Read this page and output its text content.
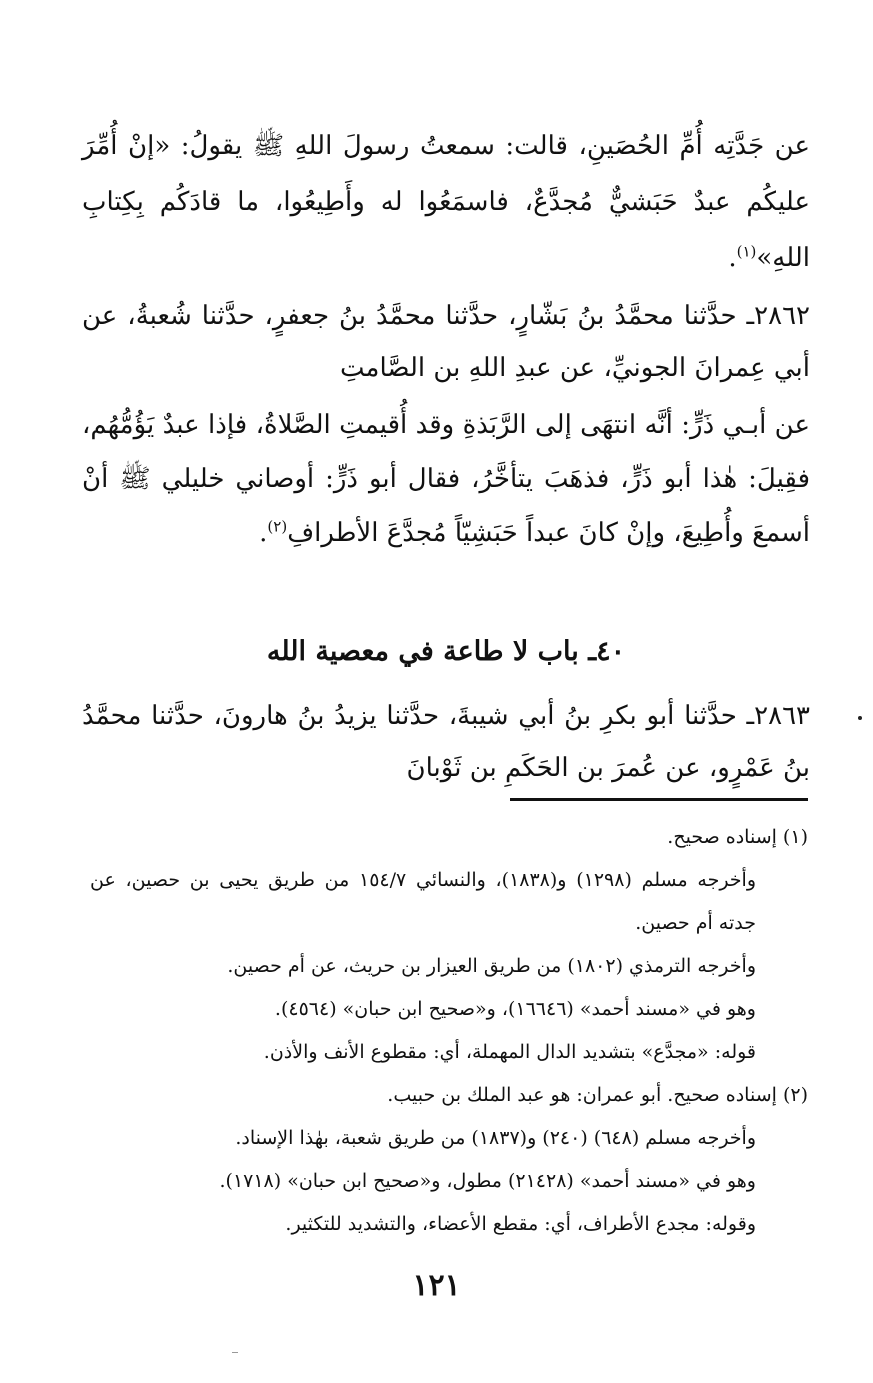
عن جَدَّتِه أُمِّ الحُصَينِ، قالت: سمعتُ رسولَ اللهِ ﷺ يقولُ: «إنْ أُمِّرَ عليكُم عبدٌ حَبَشيٌّ مُجدَّعٌ، فاسمَعُوا له وأَطِيعُوا، ما قادَكُم بِكِتابِ اللهِ»$^{(١)}$.

٢٨٦٢ـ حدَّثنا محمَّدُ بنُ بَشّارٍ، حدَّثنا محمَّدُ بنُ جعفرٍ، حدَّثنا شُعبةُ، عن أبي عِمرانَ الجونيِّ، عن عبدِ اللهِ بن الصَّامتِ

عن أبـي ذَرٍّ: أنَّه انتهَى إلى الرَّبَذةِ وقد أُقيمتِ الصَّلاةُ، فإذا عبدٌ يَؤُمُّهُم، فقِيلَ: هٰذا أبو ذَرٍّ، فذهَبَ يتأخَّرُ، فقال أبو ذَرٍّ: أوصاني خليلي ﷺ أنْ أسمعَ وأُطِيعَ، وإنْ كانَ عبداً حَبَشِيّاً مُجدَّعَ الأطرافِ$^{(٢)}$.

٤٠ـ باب لا طاعة في معصية الله

٢٨٦٣ـ حدَّثنا أبو بكرِ بنُ أبي شيبةَ، حدَّثنا يزيدُ بنُ هارونَ، حدَّثنا محمَّدُ بنُ عَمْرٍو، عن عُمرَ بن الحَكَمِ بن ثَوْبانَ

(١) إسناده صحيح.

وأخرجه مسلم (١٢٩٨) و(١٨٣٨)، والنسائي ١٥٤/٧ من طريق يحيى بن حصين، عن جدته أم حصين.

وأخرجه الترمذي (١٨٠٢) من طريق العيزار بن حريث، عن أم حصين.

وهو في «مسند أحمد» (١٦٦٤٦)، و«صحيح ابن حبان» (٤٥٦٤).

قوله: «مجدَّع» بتشديد الدال المهملة، أي: مقطوع الأنف والأذن.

(٢) إسناده صحيح. أبو عمران: هو عبد الملك بن حبيب.

وأخرجه مسلم (٦٤٨) (٢٤٠) و(١٨٣٧) من طريق شعبة، بهٰذا الإسناد.

وهو في «مسند أحمد» (٢١٤٢٨) مطول، و«صحيح ابن حبان» (١٧١٨).

وقوله: مجدع الأطراف، أي: مقطع الأعضاء، والتشديد للتكثير.

١٢١
